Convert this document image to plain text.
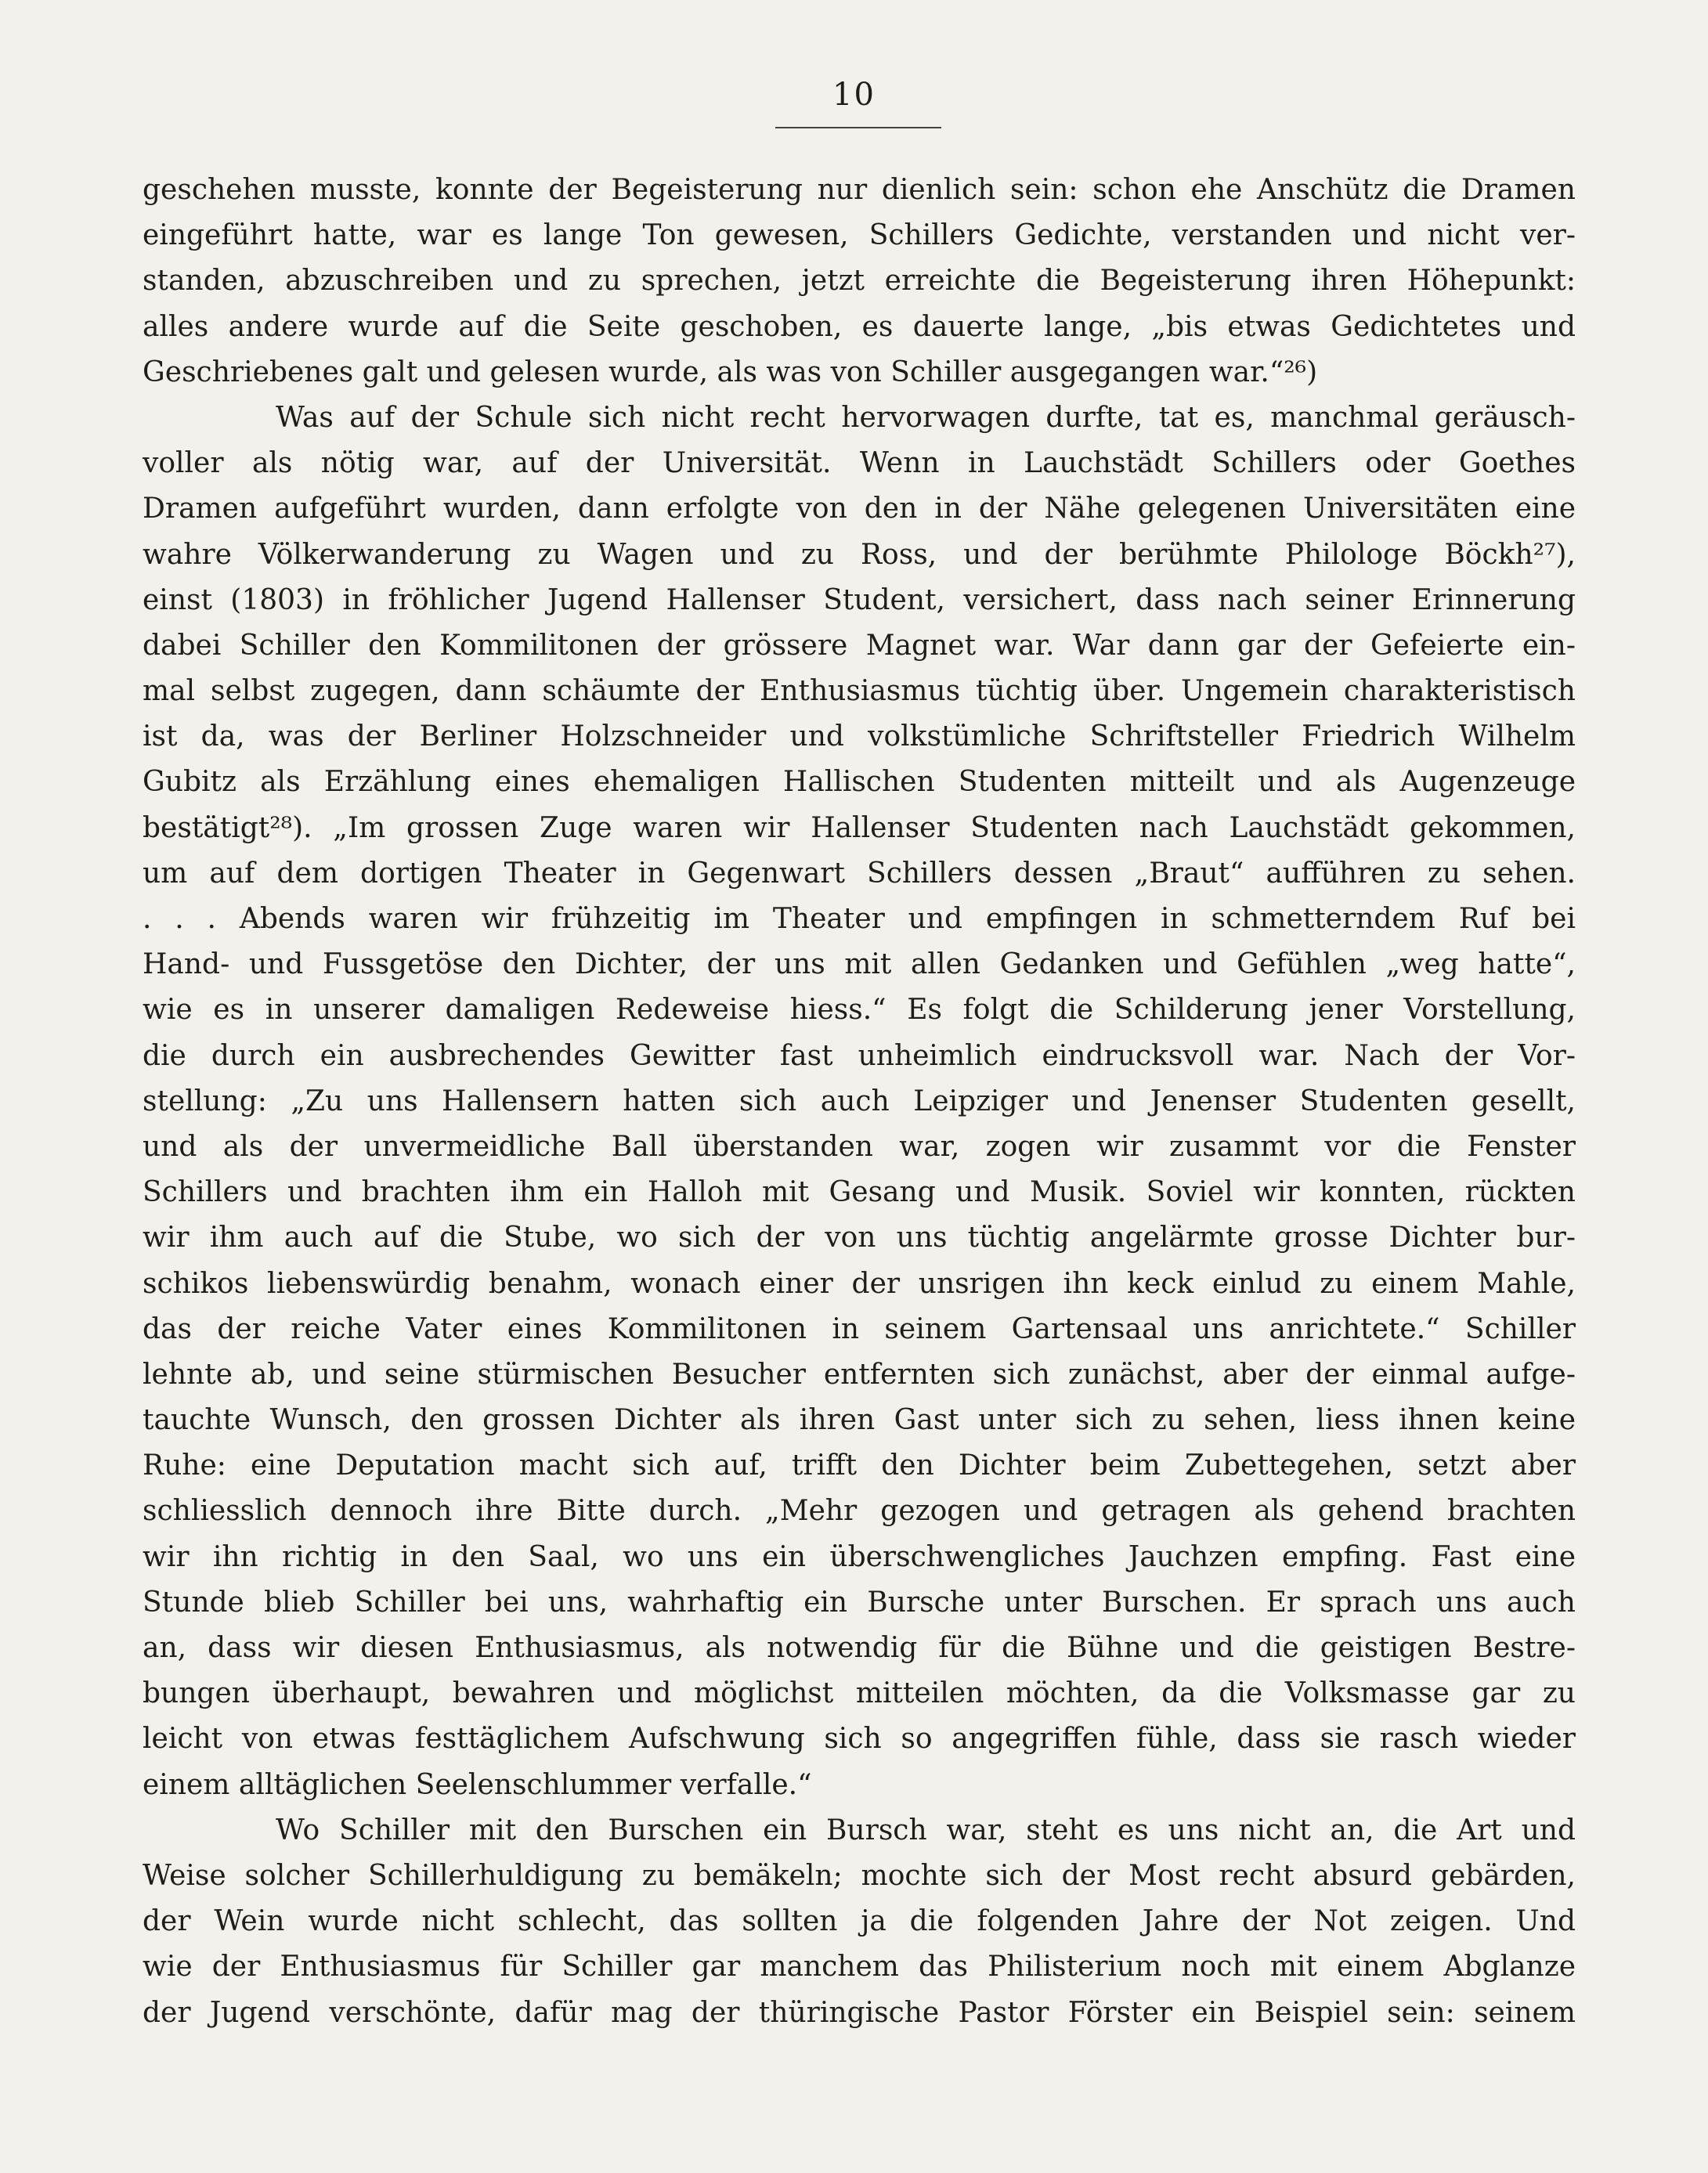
10
geschehen musste, konnte der Begeisterung nur dienlich sein: schon ehe Anschütz die Dramen
eingeführt hatte, war es lange Ton gewesen, Schillers Gedichte, verstanden und nicht ver-
standen, abzuschreiben und zu sprechen, jetzt erreichte die Begeisterung ihren Höhepunkt:
alles andere wurde auf die Seite geschoben, es dauerte lange, „bis etwas Gedichtetes und
Geschriebenes galt und gelesen wurde, als was von Schiller ausgegangen war.“²⁶)
Was auf der Schule sich nicht recht hervorwagen durfte, tat es, manchmal geräusch-
voller als nötig war, auf der Universität. Wenn in Lauchstädt Schillers oder Goethes
Dramen aufgeführt wurden, dann erfolgte von den in der Nähe gelegenen Universitäten eine
wahre Völkerwanderung zu Wagen und zu Ross, und der berühmte Philologe Böckh²⁷),
einst (1803) in fröhlicher Jugend Hallenser Student, versichert, dass nach seiner Erinnerung
dabei Schiller den Kommilitonen der grössere Magnet war. War dann gar der Gefeierte ein-
mal selbst zugegen, dann schäumte der Enthusiasmus tüchtig über. Ungemein charakteristisch
ist da, was der Berliner Holzschneider und volkstümliche Schriftsteller Friedrich Wilhelm
Gubitz als Erzählung eines ehemaligen Hallischen Studenten mitteilt und als Augenzeuge
bestätigt²⁸). „Im grossen Zuge waren wir Hallenser Studenten nach Lauchstädt gekommen,
um auf dem dortigen Theater in Gegenwart Schillers dessen „Braut“ aufführen zu sehen.
. . . Abends waren wir frühzeitig im Theater und empfingen in schmetterndem Ruf bei
Hand- und Fussgetöse den Dichter, der uns mit allen Gedanken und Gefühlen „weg hatte“,
wie es in unserer damaligen Redeweise hiess.“ Es folgt die Schilderung jener Vorstellung,
die durch ein ausbrechendes Gewitter fast unheimlich eindrucksvoll war. Nach der Vor-
stellung: „Zu uns Hallensern hatten sich auch Leipziger und Jenenser Studenten gesellt,
und als der unvermeidliche Ball überstanden war, zogen wir zusammt vor die Fenster
Schillers und brachten ihm ein Halloh mit Gesang und Musik. Soviel wir konnten, rückten
wir ihm auch auf die Stube, wo sich der von uns tüchtig angelärmte grosse Dichter bur-
schikos liebenswürdig benahm, wonach einer der unsrigen ihn keck einlud zu einem Mahle,
das der reiche Vater eines Kommilitonen in seinem Gartensaal uns anrichtete.“ Schiller
lehnte ab, und seine stürmischen Besucher entfernten sich zunächst, aber der einmal aufge-
tauchte Wunsch, den grossen Dichter als ihren Gast unter sich zu sehen, liess ihnen keine
Ruhe: eine Deputation macht sich auf, trifft den Dichter beim Zubettegehen, setzt aber
schliesslich dennoch ihre Bitte durch. „Mehr gezogen und getragen als gehend brachten
wir ihn richtig in den Saal, wo uns ein überschwengliches Jauchzen empfing. Fast eine
Stunde blieb Schiller bei uns, wahrhaftig ein Bursche unter Burschen. Er sprach uns auch
an, dass wir diesen Enthusiasmus, als notwendig für die Bühne und die geistigen Bestre-
bungen überhaupt, bewahren und möglichst mitteilen möchten, da die Volksmasse gar zu
leicht von etwas festtäglichem Aufschwung sich so angegriffen fühle, dass sie rasch wieder
einem alltäglichen Seelenschlummer verfalle.“
Wo Schiller mit den Burschen ein Bursch war, steht es uns nicht an, die Art und
Weise solcher Schillerhuldigung zu bemäkeln; mochte sich der Most recht absurd gebärden,
der Wein wurde nicht schlecht, das sollten ja die folgenden Jahre der Not zeigen. Und
wie der Enthusiasmus für Schiller gar manchem das Philisterium noch mit einem Abglanze
der Jugend verschönte, dafür mag der thüringische Pastor Förster ein Beispiel sein: seinem
